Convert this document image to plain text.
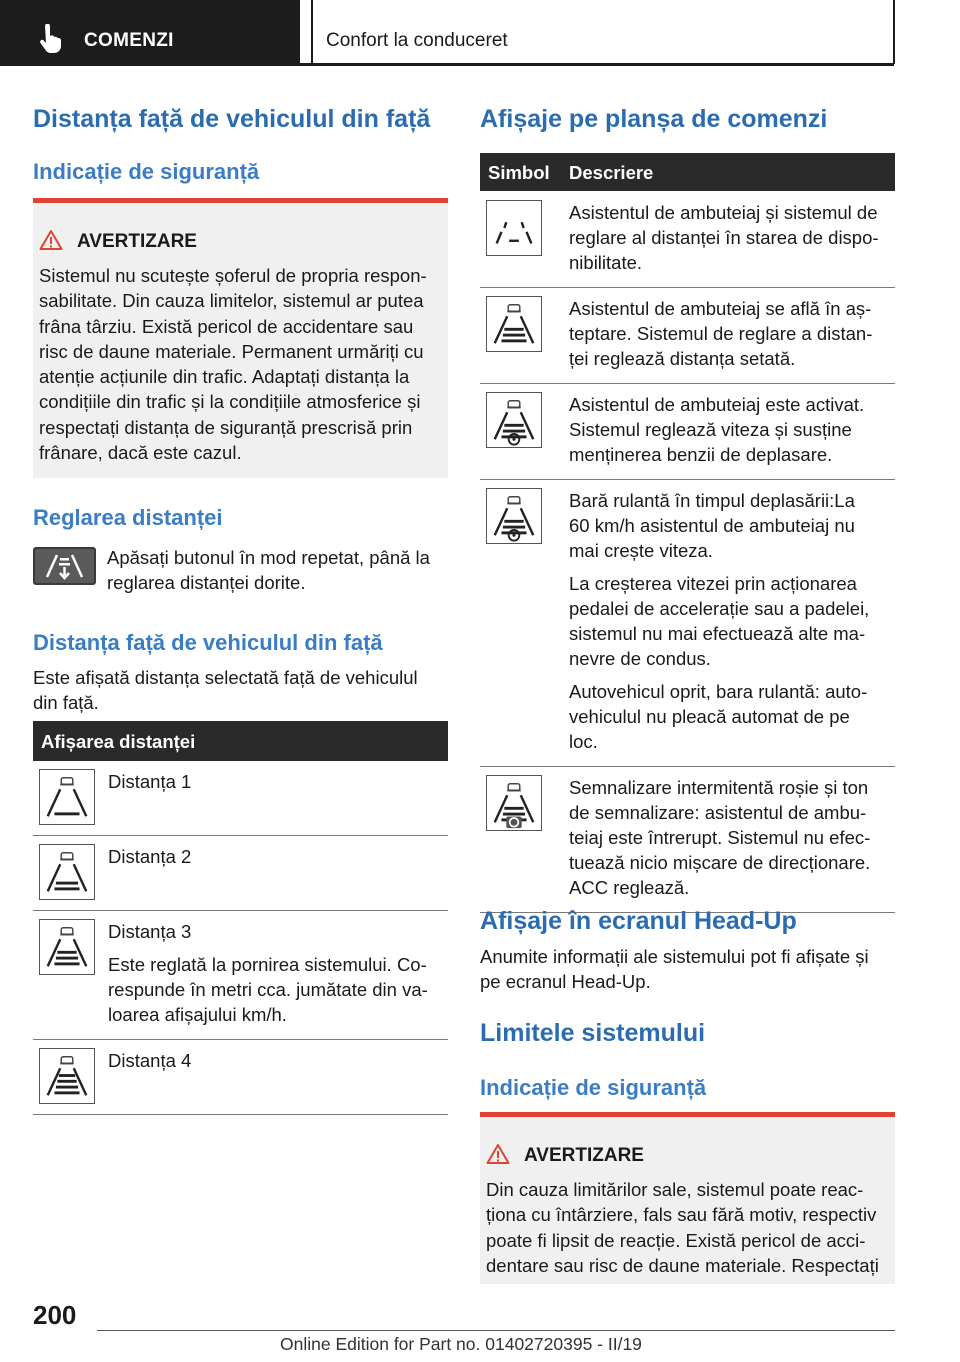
COMENZI	Confort la conduceret
Distanța față de vehiculul din față
Indicație de siguranță
AVERTIZARE
Sistemul nu scutește șoferul de propria respon-
sabilitate. Din cauza limitelor, sistemul ar putea
frâna târziu. Există pericol de accidentare sau
risc de daune materiale. Permanent urmăriți cu
atenție acțiunile din trafic. Adaptați distanța la
condițiile din trafic și la condițiile atmosferice și
respectați distanța de siguranță prescrisă prin
frânare, dacă este cazul.
Reglarea distanței
Apăsați butonul în mod repetat, până la
reglarea distanței dorite.
Distanța față de vehiculul din față
Este afișată distanța selectată față de vehiculul
din față.
Afișarea distanței
Distanța 1
Distanța 2
Distanța 3
Este reglată la pornirea sistemului. Co-
respunde în metri cca. jumătate din va-
loarea afișajului km/h.
Distanța 4
Afișaje pe planșa de comenzi
Simbol Descriere
Asistentul de ambuteiaj și sistemul de
reglare al distanței în starea de dispo-
nibilitate.
Asistentul de ambuteiaj se află în aș-
teptare. Sistemul de reglare a distan-
ței reglează distanța setată.
Asistentul de ambuteiaj este activat.
Sistemul reglează viteza și susține
menținerea benzii de deplasare.
Bară rulantă în timpul deplasării:La
60 km/h asistentul de ambuteiaj nu
mai crește viteza.
La creșterea vitezei prin acționarea
pedalei de accelerație sau a padelei,
sistemul nu mai efectuează alte ma-
nevre de condus.
Autovehicul oprit, bara rulantă: auto-
vehiculul nu pleacă automat de pe
loc.
Semnalizare intermitentă roșie și ton
de semnalizare: asistentul de ambu-
teiaj este întrerupt. Sistemul nu efec-
tuează nicio mișcare de direcționare.
ACC reglează.
Afișaje în ecranul Head-Up
Anumite informații ale sistemului pot fi afișate și
pe ecranul Head-Up.
Limitele sistemului
Indicație de siguranță
AVERTIZARE
Din cauza limitărilor sale, sistemul poate reac-
ționa cu întârziere, fals sau fără motiv, respectiv
poate fi lipsit de reacție. Există pericol de acci-
dentare sau risc de daune materiale. Respectați
200
Online Edition for Part no. 01402720395 - II/19
